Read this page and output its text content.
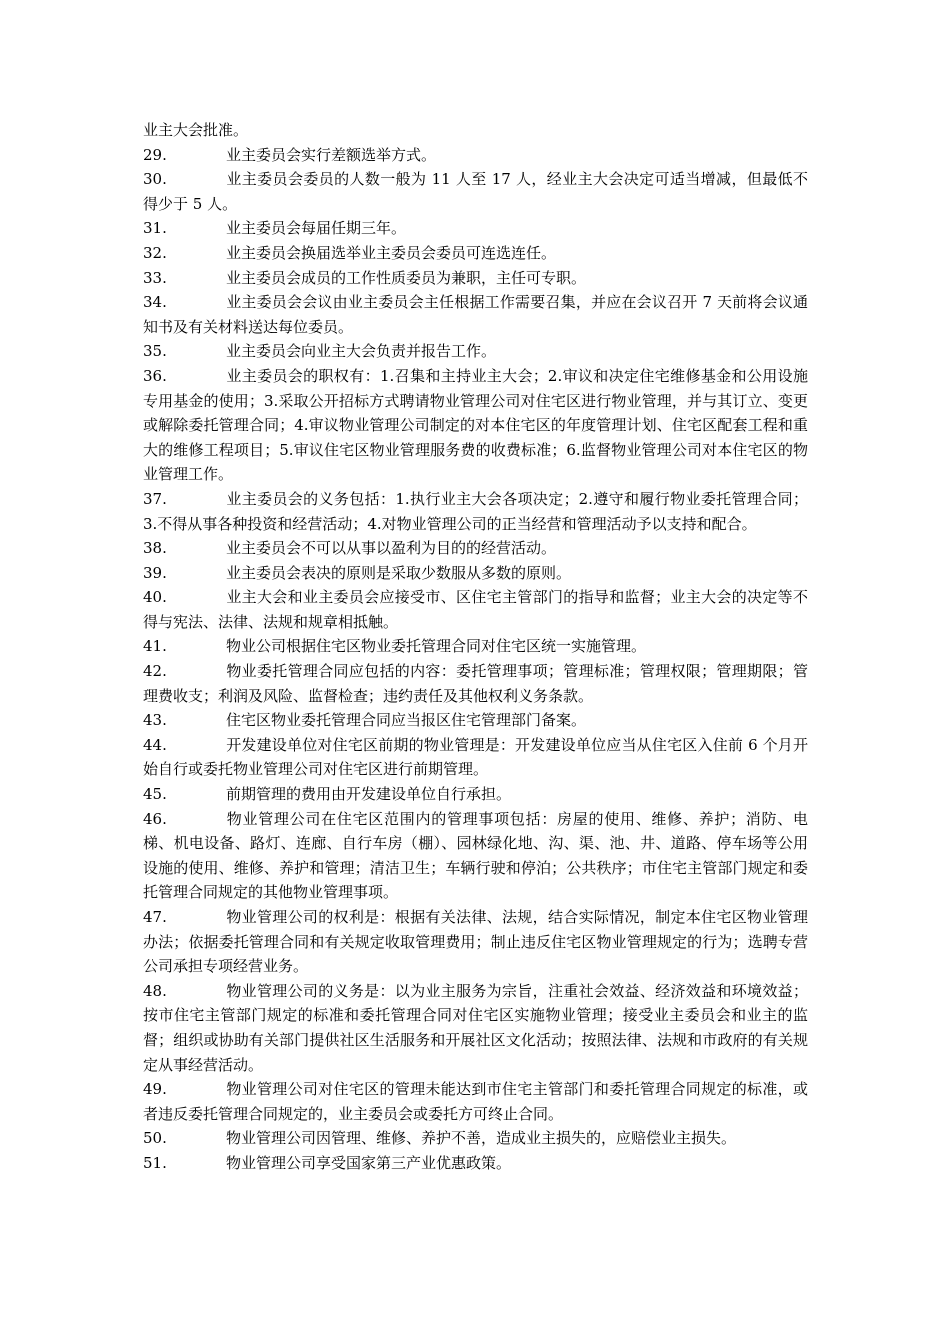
业主大会批准。

29.	业主委员会实行差额选举方式。

30.	业主委员会委员的人数一般为 11 人至 17 人，经业主大会决定可适当增减，但最低不得少于 5 人。

31.	业主委员会每届任期三年。

32.	业主委员会换届选举业主委员会委员可连选连任。

33.	业主委员会成员的工作性质委员为兼职，主任可专职。

34.	业主委员会会议由业主委员会主任根据工作需要召集，并应在会议召开 7 天前将会议通知书及有关材料送达每位委员。

35.	业主委员会向业主大会负责并报告工作。

36.	业主委员会的职权有：1.召集和主持业主大会；2.审议和决定住宅维修基金和公用设施专用基金的使用；3.采取公开招标方式聘请物业管理公司对住宅区进行物业管理，并与其订立、变更或解除委托管理合同；4.审议物业管理公司制定的对本住宅区的年度管理计划、住宅区配套工程和重大的维修工程项目；5.审议住宅区物业管理服务费的收费标准；6.监督物业管理公司对本住宅区的物业管理工作。

37.	业主委员会的义务包括：1.执行业主大会各项决定；2.遵守和履行物业委托管理合同；3.不得从事各种投资和经营活动；4.对物业管理公司的正当经营和管理活动予以支持和配合。

38.	业主委员会不可以从事以盈利为目的的经营活动。

39.	业主委员会表决的原则是采取少数服从多数的原则。

40.	业主大会和业主委员会应接受市、区住宅主管部门的指导和监督；业主大会的决定等不得与宪法、法律、法规和规章相抵触。

41.	物业公司根据住宅区物业委托管理合同对住宅区统一实施管理。

42.	物业委托管理合同应包括的内容：委托管理事项；管理标准；管理权限；管理期限；管理费收支；利润及风险、监督检查；违约责任及其他权利义务条款。

43.	住宅区物业委托管理合同应当报区住宅管理部门备案。

44.	开发建设单位对住宅区前期的物业管理是：开发建设单位应当从住宅区入住前 6 个月开始自行或委托物业管理公司对住宅区进行前期管理。

45.	前期管理的费用由开发建设单位自行承担。

46.	物业管理公司在住宅区范围内的管理事项包括：房屋的使用、维修、养护；消防、电梯、机电设备、路灯、连廊、自行车房（棚）、园林绿化地、沟、渠、池、井、道路、停车场等公用设施的使用、维修、养护和管理；清洁卫生；车辆行驶和停泊；公共秩序；市住宅主管部门规定和委托管理合同规定的其他物业管理事项。

47.	物业管理公司的权利是：根据有关法律、法规，结合实际情况，制定本住宅区物业管理办法；依据委托管理合同和有关规定收取管理费用；制止违反住宅区物业管理规定的行为；选聘专营公司承担专项经营业务。

48.	物业管理公司的义务是：以为业主服务为宗旨，注重社会效益、经济效益和环境效益；按市住宅主管部门规定的标准和委托管理合同对住宅区实施物业管理；接受业主委员会和业主的监督；组织或协助有关部门提供社区生活服务和开展社区文化活动；按照法律、法规和市政府的有关规定从事经营活动。

49.	物业管理公司对住宅区的管理未能达到市住宅主管部门和委托管理合同规定的标准，或者违反委托管理合同规定的，业主委员会或委托方可终止合同。

50.	物业管理公司因管理、维修、养护不善，造成业主损失的，应赔偿业主损失。

51.	物业管理公司享受国家第三产业优惠政策。
